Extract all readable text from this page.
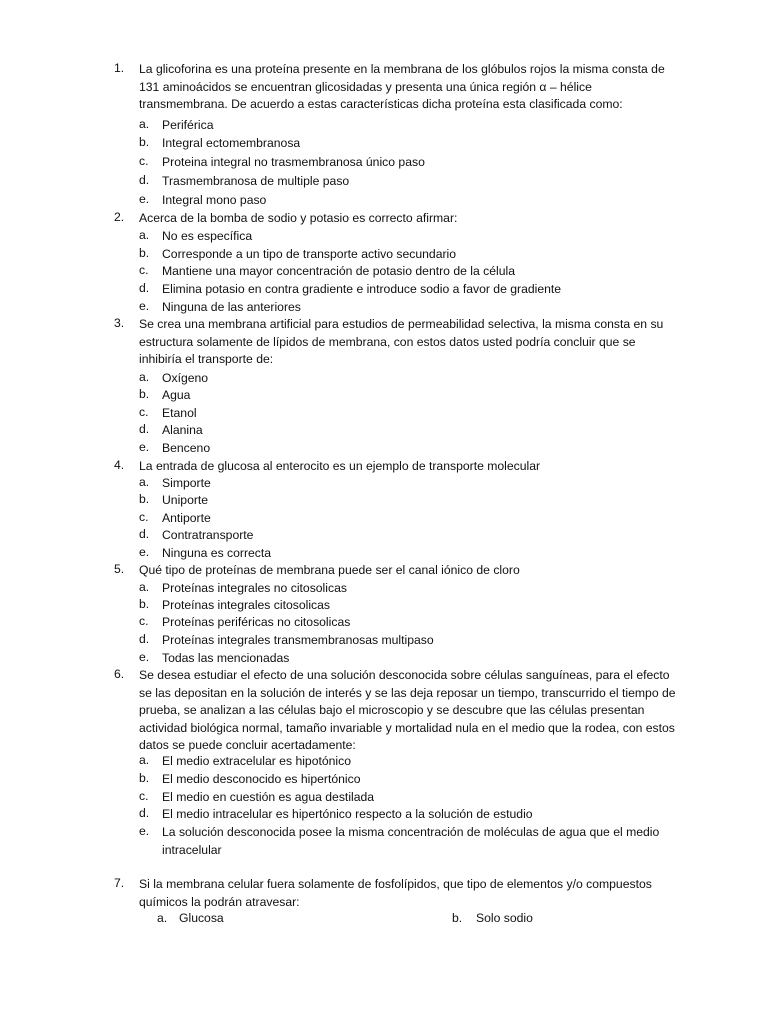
1.	La glicoforina es una proteína presente en la membrana de los glóbulos rojos la misma consta de 131 aminoácidos se encuentran glicosidadas y presenta una única región α – hélice transmembrana. De acuerdo a estas características dicha proteína esta clasificada como:
a. Periférica
b. Integral ectomembranosa
c. Proteina integral no trasmembranosa único paso
d. Trasmembranosa de multiple paso
e. Integral mono paso
2.	Acerca de la bomba de sodio y potasio es correcto afirmar:
a. No es específica
b. Corresponde a un tipo de transporte activo secundario
c. Mantiene una mayor concentración de potasio dentro de la célula
d. Elimina potasio en contra gradiente e introduce sodio a favor de gradiente
e. Ninguna de las anteriores
3.	Se crea una membrana artificial para estudios de permeabilidad selectiva, la misma consta en su estructura solamente de lípidos de membrana, con estos datos usted podría concluir que se inhibiría el transporte de:
a. Oxígeno
b. Agua
c. Etanol
d. Alanina
e. Benceno
4.	La entrada de glucosa al enterocito es un ejemplo de transporte molecular
a. Simporte
b. Uniporte
c. Antiporte
d. Contratransporte
e. Ninguna es correcta
5.	Qué tipo de proteínas de membrana puede ser el canal iónico de cloro
a. Proteínas integrales no citosolicas
b. Proteínas integrales citosolicas
c. Proteínas periféricas no citosolicas
d. Proteínas integrales transmembranosas multipaso
e. Todas las mencionadas
6.	Se desea estudiar el efecto de una solución desconocida sobre células sanguíneas, para el efecto se las depositan en la solución de interés y se las deja reposar un tiempo, transcurrido el tiempo de prueba, se analizan a las células bajo el microscopio y se descubre que las células presentan actividad biológica normal, tamaño invariable y mortalidad nula en el medio que la rodea, con estos datos se puede concluir acertadamente:
a. El medio extracelular es hipotónico
b. El medio desconocido es hipertónico
c. El medio en cuestión es agua destilada
d. El medio intracelular es hipertónico respecto a la solución de estudio
e. La solución desconocida posee la misma concentración de moléculas de agua que el medio intracelular
7.	Si la membrana celular fuera solamente de fosfolípidos, que tipo de elementos y/o compuestos químicos la podrán atravesar:
a. Glucosa	b. Solo sodio
